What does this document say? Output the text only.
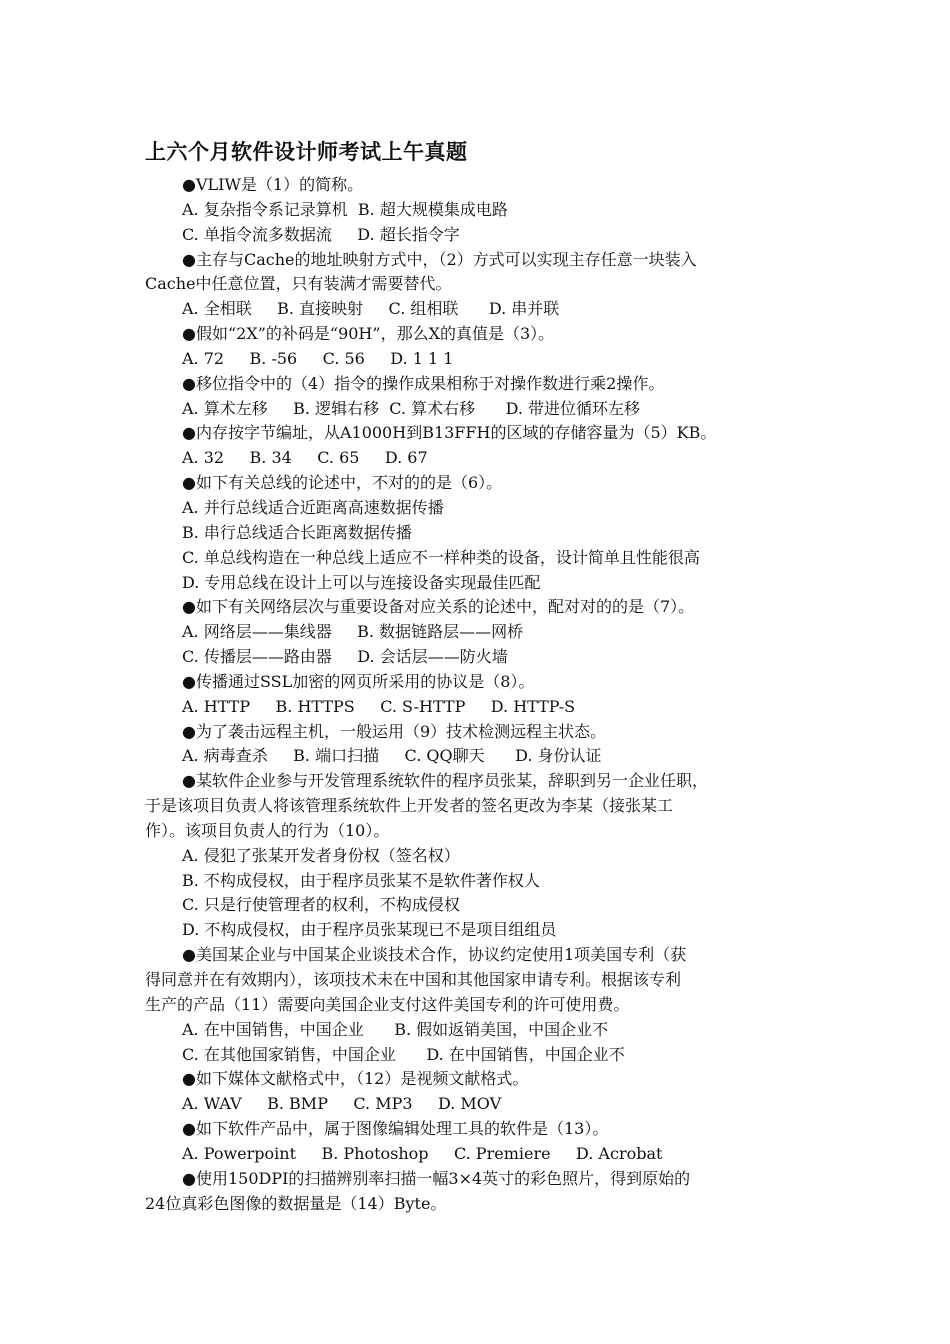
上六个月软件设计师考试上午真题
●VLIW是（1）的简称。
A. 复杂指令系记录算机  B. 超大规模集成电路
C. 单指令流多数据流     D. 超长指令字
●主存与Cache的地址映射方式中，（2）方式可以实现主存任意一块装入
Cache中任意位置，只有装满才需要替代。
A. 全相联     B. 直接映射     C. 组相联      D. 串并联
●假如“2X”的补码是“90H”，那么X的真值是（3）。
A. 72     B. -56     C. 56     D. 1 1 1
●移位指令中的（4）指令的操作成果相称于对操作数进行乘2操作。
A. 算术左移     B. 逻辑右移  C. 算术右移      D. 带进位循环左移
●内存按字节编址，从A1000H到B13FFH的区域的存储容量为（5）KB。
A. 32     B. 34     C. 65     D. 67
●如下有关总线的论述中，不对的的是（6）。
A. 并行总线适合近距离高速数据传播
B. 串行总线适合长距离数据传播
C. 单总线构造在一种总线上适应不一样种类的设备，设计简单且性能很高
D. 专用总线在设计上可以与连接设备实现最佳匹配
●如下有关网络层次与重要设备对应关系的论述中，配对对的的是（7）。
A. 网络层——集线器     B. 数据链路层——网桥
C. 传播层——路由器     D. 会话层——防火墙
●传播通过SSL加密的网页所采用的协议是（8）。
A. HTTP     B. HTTPS     C. S-HTTP     D. HTTP-S
●为了袭击远程主机，一般运用（9）技术检测远程主状态。
A. 病毒查杀     B. 端口扫描     C. QQ聊天      D. 身份认证
●某软件企业参与开发管理系统软件的程序员张某，辞职到另一企业任职，
于是该项目负责人将该管理系统软件上开发者的签名更改为李某（接张某工
作）。该项目负责人的行为（10）。
A. 侵犯了张某开发者身份权（签名权）
B. 不构成侵权，由于程序员张某不是软件著作权人
C. 只是行使管理者的权利，不构成侵权
D. 不构成侵权，由于程序员张某现已不是项目组组员
●美国某企业与中国某企业谈技术合作，协议约定使用1项美国专利（获
得同意并在有效期内），该项技术未在中国和其他国家申请专利。根据该专利
生产的产品（11）需要向美国企业支付这件美国专利的许可使用费。
A. 在中国销售，中国企业      B. 假如返销美国，中国企业不
C. 在其他国家销售，中国企业      D. 在中国销售，中国企业不
●如下媒体文献格式中，（12）是视频文献格式。
A. WAV     B. BMP     C. MP3     D. MOV
●如下软件产品中，属于图像编辑处理工具的软件是（13）。
A. Powerpoint     B. Photoshop     C. Premiere     D. Acrobat
●使用150DPI的扫描辨别率扫描一幅3×4英寸的彩色照片，得到原始的
24位真彩色图像的数据量是（14）Byte。
